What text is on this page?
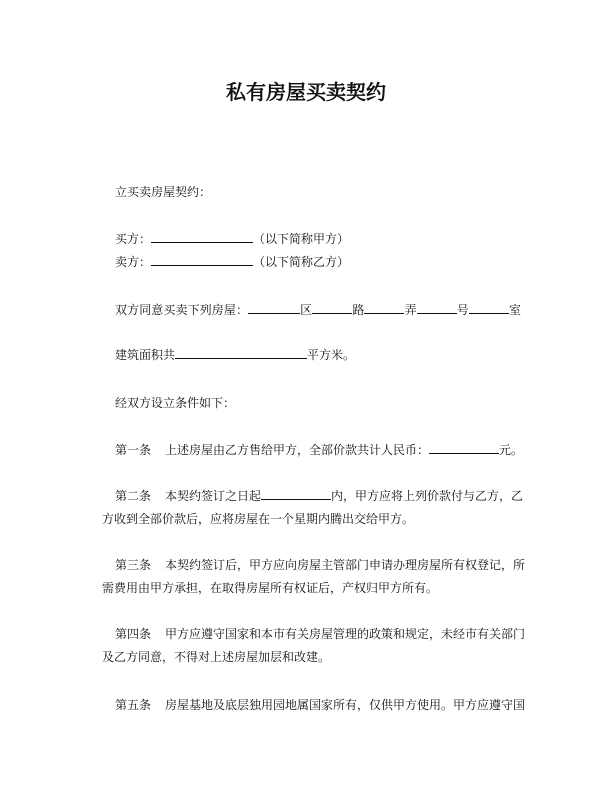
私有房屋买卖契约
立买卖房屋契约：
买方：	（以下简称甲方）
卖方：	（以下简称乙方）
双方同意买卖下列房屋：	区	路	弄	号	室
建筑面积共	平方米。
经双方设立条件如下：
第一条 上述房屋由乙方售给甲方，全部价款共计人民币：	元。
第二条 本契约签订之日起	内，甲方应将上列价款付与乙方，乙
方收到全部价款后，应将房屋在一个星期内腾出交给甲方。
第三条 本契约签订后，甲方应向房屋主管部门申请办理房屋所有权登记，所
需费用由甲方承担，在取得房屋所有权证后，产权归甲方所有。
第四条 甲方应遵守国家和本市有关房屋管理的政策和规定，未经市有关部门
及乙方同意，不得对上述房屋加层和改建。
第五条 房屋基地及底层独用园地属国家所有，仅供甲方使用。甲方应遵守国
